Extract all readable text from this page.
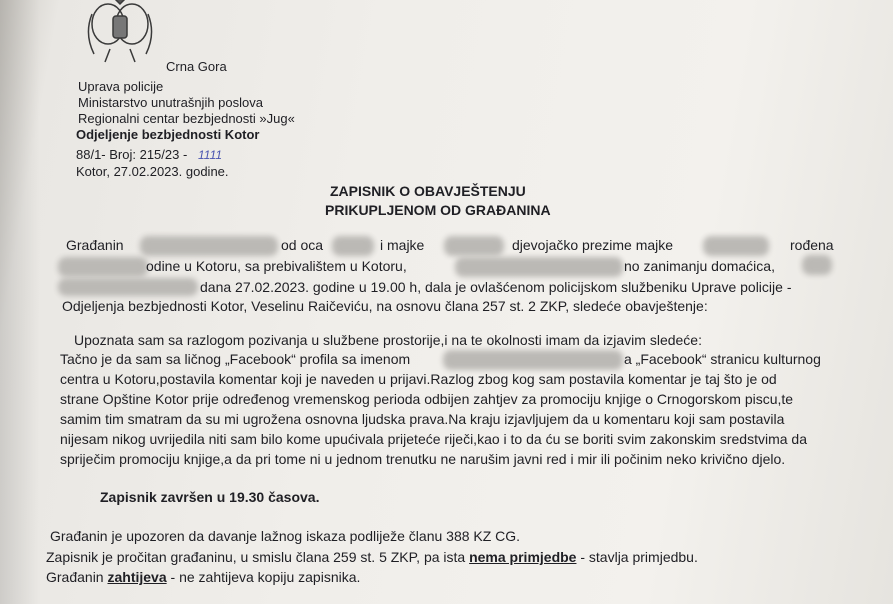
Crna Gora
Uprava policije
Ministarstvo unutrašnjih poslova
Regionalni centar bezbjednosti »Jug«
Odjeljenje bezbjednosti Kotor
88/1- Broj: 215/23 - 1111
Kotor, 27.02.2023. godine.
ZAPISNIK O OBAVJEŠTENJU
PRIKUPLJENOM OD GRAĐANINA
Građanin	od oca	i majke	djevojačko prezime majke	rođena
odine u Kotoru, sa prebivalištem u Kotoru,	no zanimanju domaćica,
dana 27.02.2023. godine u 19.00 h, dala je ovlašćenom policijskom službeniku Uprave policije -
Odjeljenja bezbjednosti Kotor, Veselinu Raičeviću, na osnovu člana 257 st. 2 ZKP, sledeće obavještenje:
Upoznata sam sa razlogom pozivanja u službene prostorije,i na te okolnosti imam da izjavim sledeće:
Tačno je da sam sa ličnog „Facebook“ profila sa imenom	a „Facebook“ stranicu kulturnog
centra u Kotoru,postavila komentar koji je naveden u prijavi.Razlog zbog kog sam postavila komentar je taj što je od
strane Opštine Kotor prije određenog vremenskog perioda odbijen zahtjev za promociju knjige o Crnogorskom piscu,te
samim tim smatram da su mi ugrožena osnovna ljudska prava.Na kraju izjavljujem da u komentaru koji sam postavila
nijesam nikog uvrijedila niti sam bilo kome upućivala prijeteće riječi,kao i to da ću se boriti svim zakonskim sredstvima da
spriječim promociju knjige,a da pri tome ni u jednom trenutku ne narušim javni red i mir ili počinim neko krivično djelo.
Zapisnik završen u 19.30 časova.
Građanin je upozoren da davanje lažnog iskaza podliježe članu 388 KZ CG.
Zapisnik je pročitan građaninu, u smislu člana 259 st. 5 ZKP, pa ista nema primjedbe - stavlja primjedbu.
Građanin zahtijeva - ne zahtijeva kopiju zapisnika.
